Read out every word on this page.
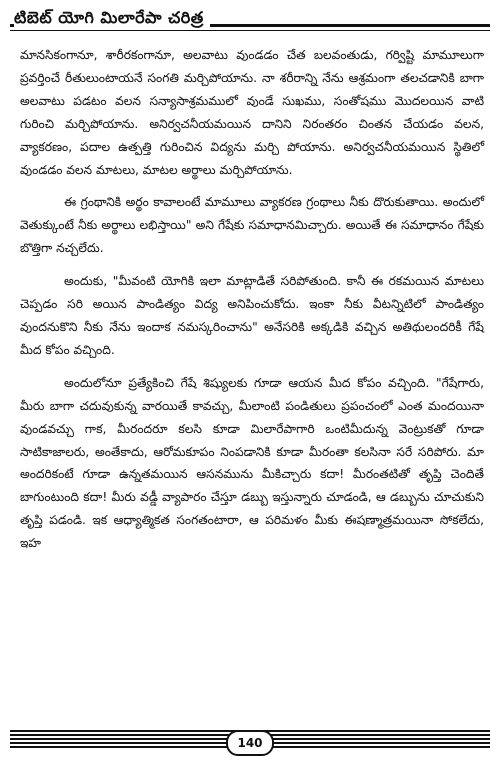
టిబెట్ యోగి మిలారేపా చరిత్ర

మానసికంగానూ, శారీరకంగానూ, అలవాటు వుండడం చేత బలవంతుడు, గర్విష్టి మామూలుగా ప్రవర్తించే రీతులుంటాయనే సంగతి మర్చిపోయాను. నా శరీరాన్ని నేను ఆశ్రమంగా తలచడానికి బాగా అలవాటు పడటం వలన సన్యాసాశ్రమములో వుండే సుఖము, సంతోషము మొదలయిన వాటి గురించి మర్చిపోయాను. అనిర్వచనీయమయిన దానిని నిరంతరం చింతన చేయడం వలన, వ్యాకరణం, పదాల ఉత్పత్తి గురించిన విద్యను మర్చి పోయాను. అనిర్వచనీయమయిన స్థితిలో వుండడం వలన మాటలు, మాటల అర్థాలు మర్చిపోయాను.

ఈ గ్రంథానికి అర్థం కావాలంటే మామూలు వ్యాకరణ గ్రంథాలు నీకు దొరుకుతాయి. అందులో వెతుక్కుంటే నీకు అర్థాలు లభిస్తాయి" అని గేషేకు సమాధానమిచ్చారు. అయితే ఈ సమాధానం గేషేకు బొత్తిగా నచ్చలేదు.

అందుకు, "మీవంటి యోగికి ఇలా మాట్లాడితే సరిపోతుంది. కానీ ఈ రకమయిన మాటలు చెప్పడం సరి అయిన పాండిత్యం విద్య అనిపించుకోదు. ఇంకా నీకు వీటన్నిటిలో పాండిత్యం వుందనుకొని నీకు నేను ఇందాక నమస్కరించాను" అనేసరికి అక్కడికి వచ్చిన అతిథులందరికీ గేషే మీద కోపం వచ్చింది.

అందులోనూ ప్రత్యేకించి గేషే శిష్యులకు గూడా ఆయన మీద కోపం వచ్చింది. "గేషేగారు, మీరు బాగా చదువుకున్న వారయితే కావచ్చు, మీలాంటి పండితులు ప్రపంచంలో ఎంత మందయినా వుండవచ్చు గాక, మీరందరూ కలసి కూడా మిలారేపాగారి ఒంటిమీదున్న వెంట్రుకతో గూడా సాటికాజాలరు, అంతేకాదు, ఆరోమకూపం నింపడానికి కూడా మీరంతా కలసినా సరే సరిపోరు. మా అందరికంటే గూడా ఉన్నతమయిన ఆసనమును మీకిచ్చారు కదా! మీరంతటితో తృప్తి చెందితే బాగుంటుంది కదా! మీరు వడ్డీ వ్యాపారం చేస్తూ డబ్బు ఇస్తున్నారు చూడండి, ఆ డబ్బును చూచుకుని తృప్తి పడండి. ఇక ఆధ్యాత్మికత సంగతంటారా, ఆ పరిమళం మీకు ఈషణ్మాత్రమయినా సోకలేదు, ఇహ

140
